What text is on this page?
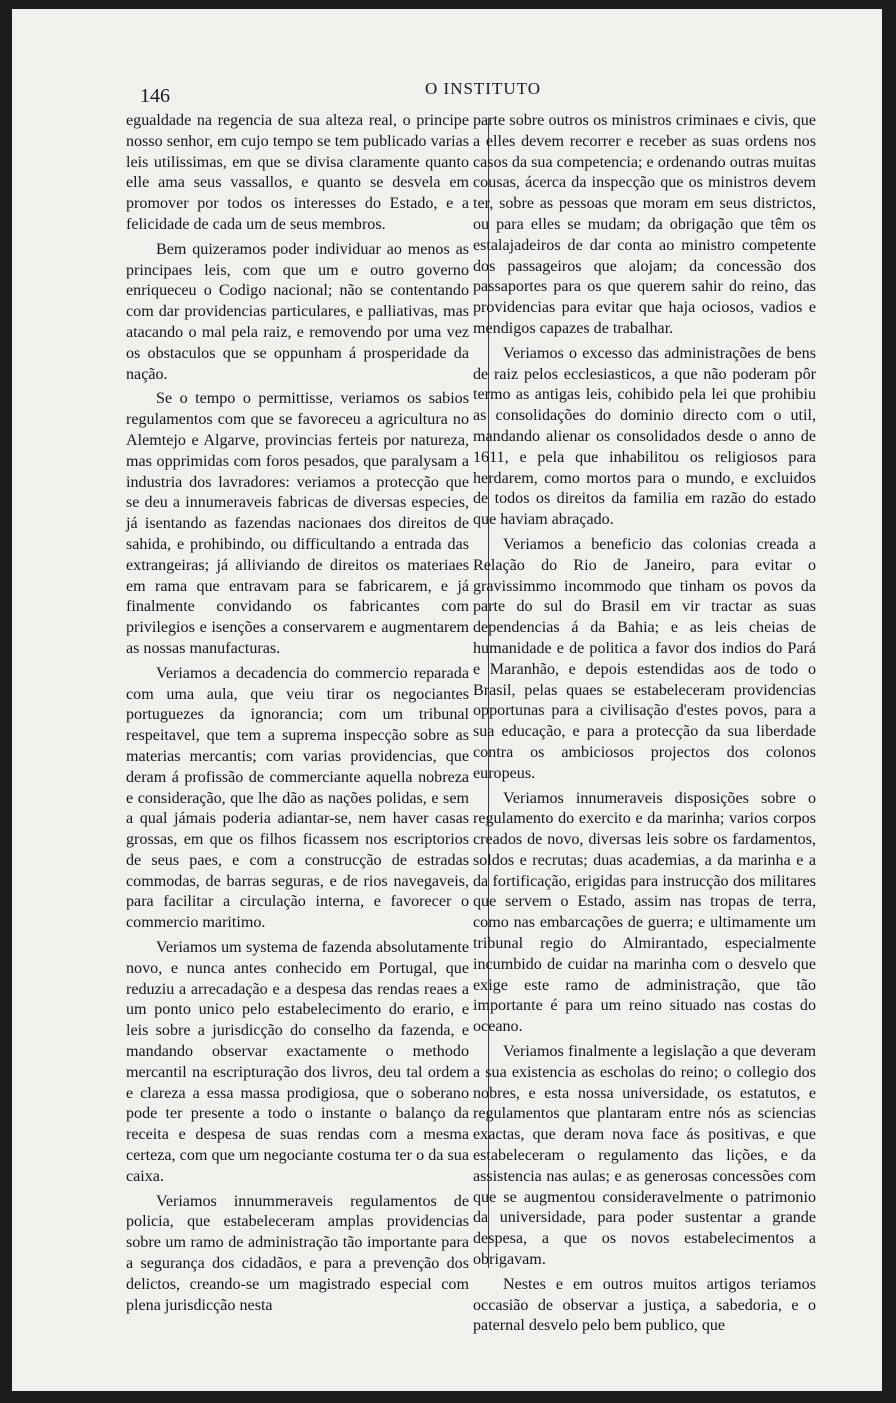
146	O INSTITUTO

egualdade na regencia de sua alteza real, o principe nosso senhor, em cujo tempo se tem publicado varias leis utilissimas, em que se divisa claramente quanto elle ama seus vassallos, e quanto se desvela em promover por todos os interesses do Estado, e a felicidade de cada um de seus membros.

Bem quizeramos poder individuar ao menos as principaes leis, com que um e outro governo enriqueceu o Codigo nacional; não se contentando com dar providencias particulares, e palliativas, mas atacando o mal pela raiz, e removendo por uma vez os obstaculos que se oppunham á prosperidade da nação.

Se o tempo o permittisse, veriamos os sabios regulamentos com que se favoreceu a agricultura no Alemtejo e Algarve, provincias ferteis por natureza, mas opprimidas com foros pesados, que paralysam a industria dos lavradores: veriamos a protecção que se deu a innumeraveis fabricas de diversas especies, já isentando as fazendas nacionaes dos direitos de sahida, e prohibindo, ou difficultando a entrada das extrangeiras; já alliviando de direitos os materiaes em rama que entravam para se fabricarem, e já finalmente convidando os fabricantes com privilegios e isenções a conservarem e augmentarem as nossas manufacturas.

Veriamos a decadencia do commercio reparada com uma aula, que veiu tirar os negociantes portuguezes da ignorancia; com um tribunal respeitavel, que tem a suprema inspecção sobre as materias mercantis; com varias providencias, que deram á profissão de commerciante aquella nobreza e consideração, que lhe dão as nações polidas, e sem a qual jámais poderia adiantar-se, nem haver casas grossas, em que os filhos ficassem nos escriptorios de seus paes, e com a construcção de estradas commodas, de barras seguras, e de rios navegaveis, para facilitar a circulação interna, e favorecer o commercio maritimo.

Veriamos um systema de fazenda absolutamente novo, e nunca antes conhecido em Portugal, que reduziu a arrecadação e a despesa das rendas reaes a um ponto unico pelo estabelecimento do erario, e leis sobre a jurisdicção do conselho da fazenda, e mandando observar exactamente o methodo mercantil na escripturação dos livros, deu tal ordem e clareza a essa massa prodigiosa, que o soberano pode ter presente a todo o instante o balanço da receita e despesa de suas rendas com a mesma certeza, com que um negociante costuma ter o da sua caixa.

Veriamos innummeraveis regulamentos de policia, que estabeleceram amplas providencias sobre um ramo de administração tão importante para a segurança dos cidadãos, e para a prevenção dos delictos, creando-se um magistrado especial com plena jurisdicção nesta

parte sobre outros os ministros criminaes e civis, que a elles devem recorrer e receber as suas ordens nos casos da sua competencia; e ordenando outras muitas cousas, ácerca da inspecção que os ministros devem ter, sobre as pessoas que moram em seus districtos, ou para elles se mudam; da obrigação que têm os estalajadeiros de dar conta ao ministro competente dos passageiros que alojam; da concessão dos passaportes para os que querem sahir do reino, das providencias para evitar que haja ociosos, vadios e mendigos capazes de trabalhar.

Veriamos o excesso das administrações de bens de raiz pelos ecclesiasticos, a que não poderam pôr termo as antigas leis, cohibido pela lei que prohibiu as consolidações do dominio directo com o util, mandando alienar os consolidados desde o anno de 1611, e pela que inhabilitou os religiosos para herdarem, como mortos para o mundo, e excluidos de todos os direitos da familia em razão do estado que haviam abraçado.

Veriamos a beneficio das colonias creada a Relação do Rio de Janeiro, para evitar o gravissimmo incommodo que tinham os povos da parte do sul do Brasil em vir tractar as suas dependencias á da Bahia; e as leis cheias de humanidade e de politica a favor dos indios do Pará e Maranhão, e depois estendidas aos de todo o Brasil, pelas quaes se estabeleceram providencias opportunas para a civilisação d'estes povos, para a sua educação, e para a protecção da sua liberdade contra os ambiciosos projectos dos colonos europeus.

Veriamos innumeraveis disposições sobre o regulamento do exercito e da marinha; varios corpos creados de novo, diversas leis sobre os fardamentos, soldos e recrutas; duas academias, a da marinha e a da fortificação, erigidas para instrucção dos militares que servem o Estado, assim nas tropas de terra, como nas embarcações de guerra; e ultimamente um tribunal regio do Almirantado, especialmente incumbido de cuidar na marinha com o desvelo que exige este ramo de administração, que tão importante é para um reino situado nas costas do oceano.

Veriamos finalmente a legislação a que deveram a sua existencia as escholas do reino; o collegio dos nobres, e esta nossa universidade, os estatutos, e regulamentos que plantaram entre nós as sciencias exactas, que deram nova face ás positivas, e que estabeleceram o regulamento das lições, e da assistencia nas aulas; e as generosas concessões com que se augmentou consideravelmente o patrimonio da universidade, para poder sustentar a grande despesa, a que os novos estabelecimentos a obrigavam.

Nestes e em outros muitos artigos teriamos occasião de observar a justiça, a sabedoria, e o paternal desvelo pelo bem publico, que
